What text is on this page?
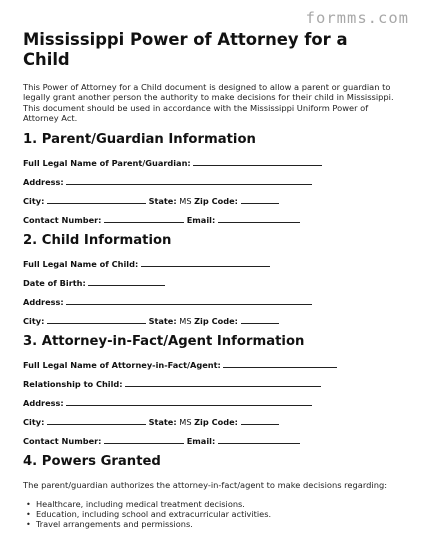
formms.com
Mississippi Power of Attorney for a Child

This Power of Attorney for a Child document is designed to allow a parent or guardian to legally grant another person the authority to make decisions for their child in Mississippi. This document should be used in accordance with the Mississippi Uniform Power of Attorney Act.

1. Parent/Guardian Information
Full Legal Name of Parent/Guardian:
Address:
City:	State: MS Zip Code:
Contact Number:	Email:
2. Child Information
Full Legal Name of Child:
Date of Birth:
Address:
City:	State: MS Zip Code:
3. Attorney-in-Fact/Agent Information
Full Legal Name of Attorney-in-Fact/Agent:
Relationship to Child:
Address:
City:	State: MS Zip Code:
Contact Number:	Email:
4. Powers Granted
The parent/guardian authorizes the attorney-in-fact/agent to make decisions regarding:
• Healthcare, including medical treatment decisions.
• Education, including school and extracurricular activities.
• Travel arrangements and permissions.
